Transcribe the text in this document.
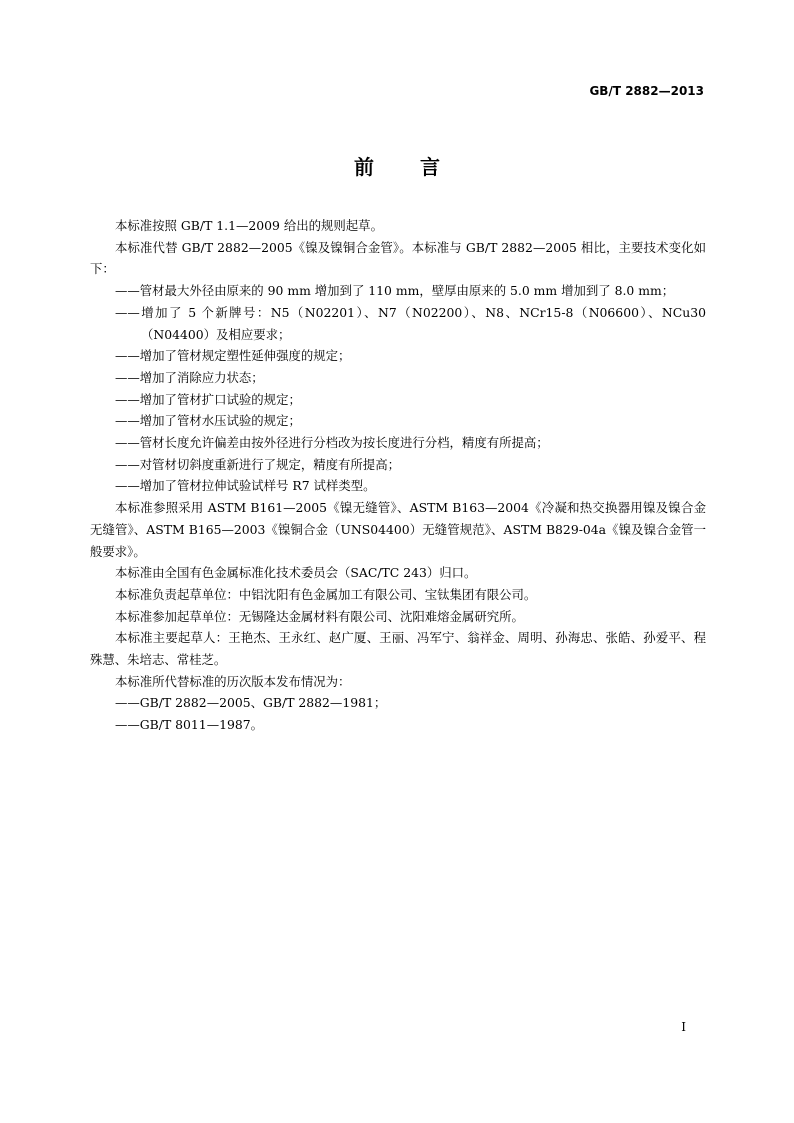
GB/T 2882—2013
前言

本标准按照 GB/T 1.1—2009 给出的规则起草。

本标准代替 GB/T 2882—2005《镍及镍铜合金管》。本标准与 GB/T 2882—2005 相比，主要技术变化如下：

——管材最大外径由原来的 90 mm 增加到了 110 mm，壁厚由原来的 5.0 mm 增加到了 8.0 mm；

——增加了 5 个新牌号：N5（N02201）、N7（N02200）、N8、NCr15-8（N06600）、NCu30（N04400）及相应要求；

——增加了管材规定塑性延伸强度的规定；

——增加了消除应力状态；

——增加了管材扩口试验的规定；

——增加了管材水压试验的规定；

——管材长度允许偏差由按外径进行分档改为按长度进行分档，精度有所提高；

——对管材切斜度重新进行了规定，精度有所提高；

——增加了管材拉伸试验试样号 R7 试样类型。

本标准参照采用 ASTM B161—2005《镍无缝管》、ASTM B163—2004《冷凝和热交换器用镍及镍合金无缝管》、ASTM B165—2003《镍铜合金（UNS04400）无缝管规范》、ASTM B829-04a《镍及镍合金管一般要求》。

本标准由全国有色金属标准化技术委员会（SAC/TC 243）归口。

本标准负责起草单位：中铝沈阳有色金属加工有限公司、宝钛集团有限公司。

本标准参加起草单位：无锡隆达金属材料有限公司、沈阳难熔金属研究所。

本标准主要起草人：王艳杰、王永红、赵广厦、王丽、冯军宁、翁祥金、周明、孙海忠、张皓、孙爱平、程殊慧、朱培志、常桂芝。

本标准所代替标准的历次版本发布情况为：

——GB/T 2882—2005、GB/T 2882—1981；

——GB/T 8011—1987。

I
